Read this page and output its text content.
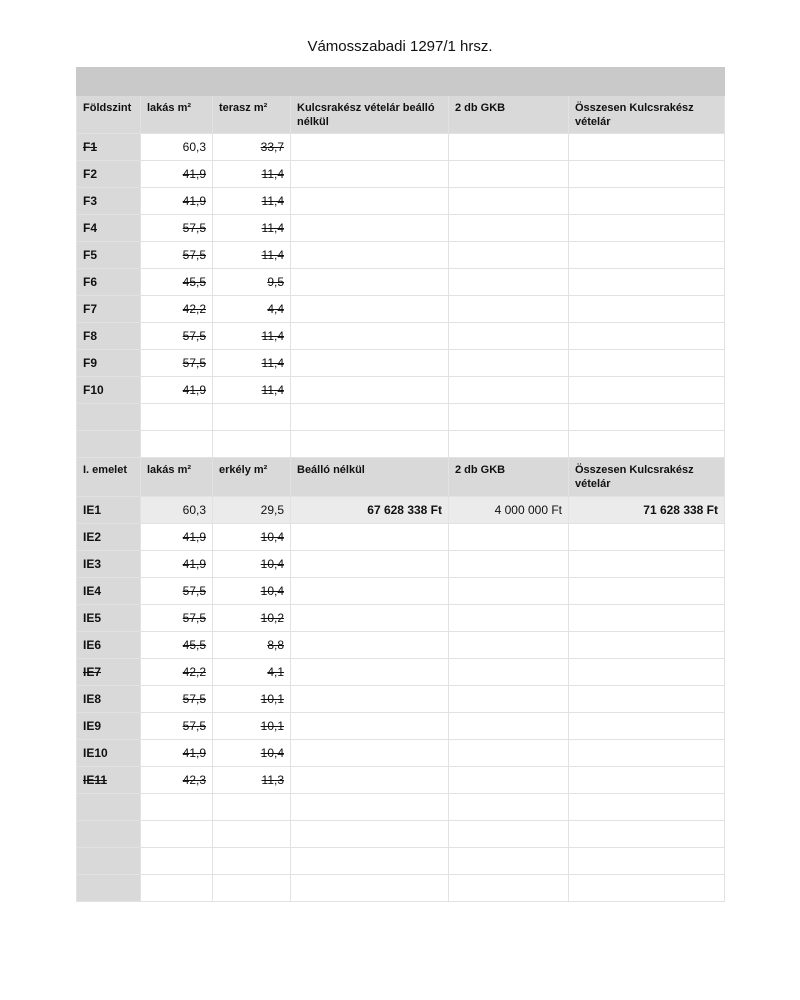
Vámosszabadi 1297/1 hrsz.

Földszint	lakás m²	terasz m²	Kulcsrakész vételár beálló nélkül	2 db GKB	Összesen Kulcsrakész vételár
F1	60,3	33,7			
F2	41,9	11,4			
F3	41,9	11,4			
F4	57,5	11,4			
F5	57,5	11,4			
F6	45,5	9,5			
F7	42,2	4,4			
F8	57,5	11,4			
F9	57,5	11,4			
F10	41,9	11,4			

I. emelet	lakás m²	erkély m²	Beálló nélkül	2 db GKB	Összesen Kulcsrakész vételár
IE1	60,3	29,5	67 628 338 Ft	4 000 000 Ft	71 628 338 Ft
IE2	41,9	10,4			
IE3	41,9	10,4			
IE4	57,5	10,4			
IE5	57,5	10,2			
IE6	45,5	8,8			
IE7	42,2	4,1			
IE8	57,5	10,1			
IE9	57,5	10,1			
IE10	41,9	10,4			
IE11	42,3	11,3			
